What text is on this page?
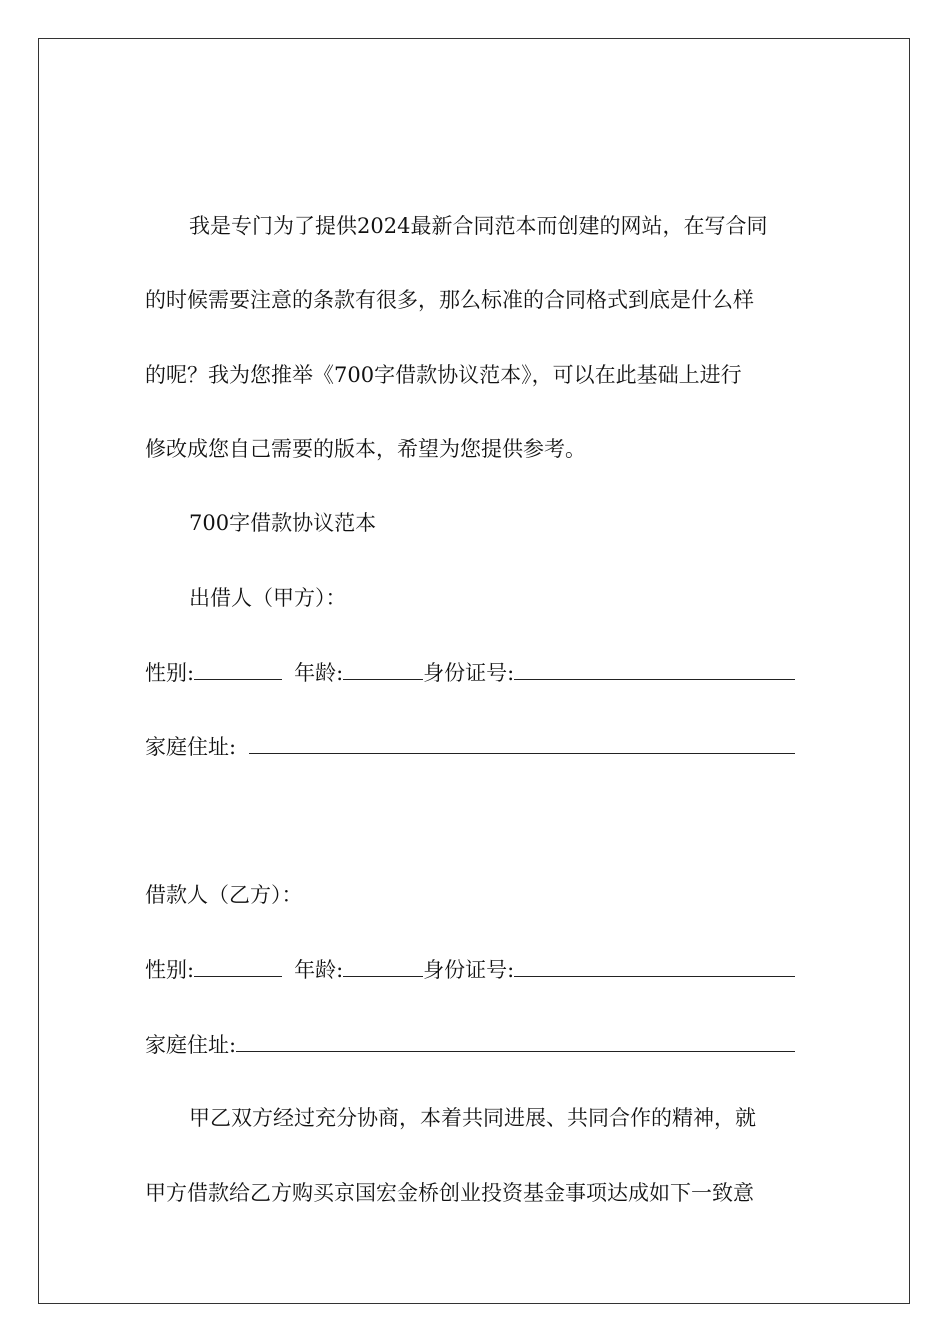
我是专门为了提供2024最新合同范本而创建的网站，在写合同
的时候需要注意的条款有很多，那么标准的合同格式到底是什么样
的呢？我为您推举《700字借款协议范本》，可以在此基础上进行
修改成您自己需要的版本，希望为您提供参考。
700字借款协议范本
出借人（甲方）：
性别:	年龄:	身份证号:
家庭住址:
借款人（乙方）：
性别:	年龄:	身份证号:
家庭住址:
甲乙双方经过充分协商，本着共同进展、共同合作的精神，就
甲方借款给乙方购买京国宏金桥创业投资基金事项达成如下一致意
